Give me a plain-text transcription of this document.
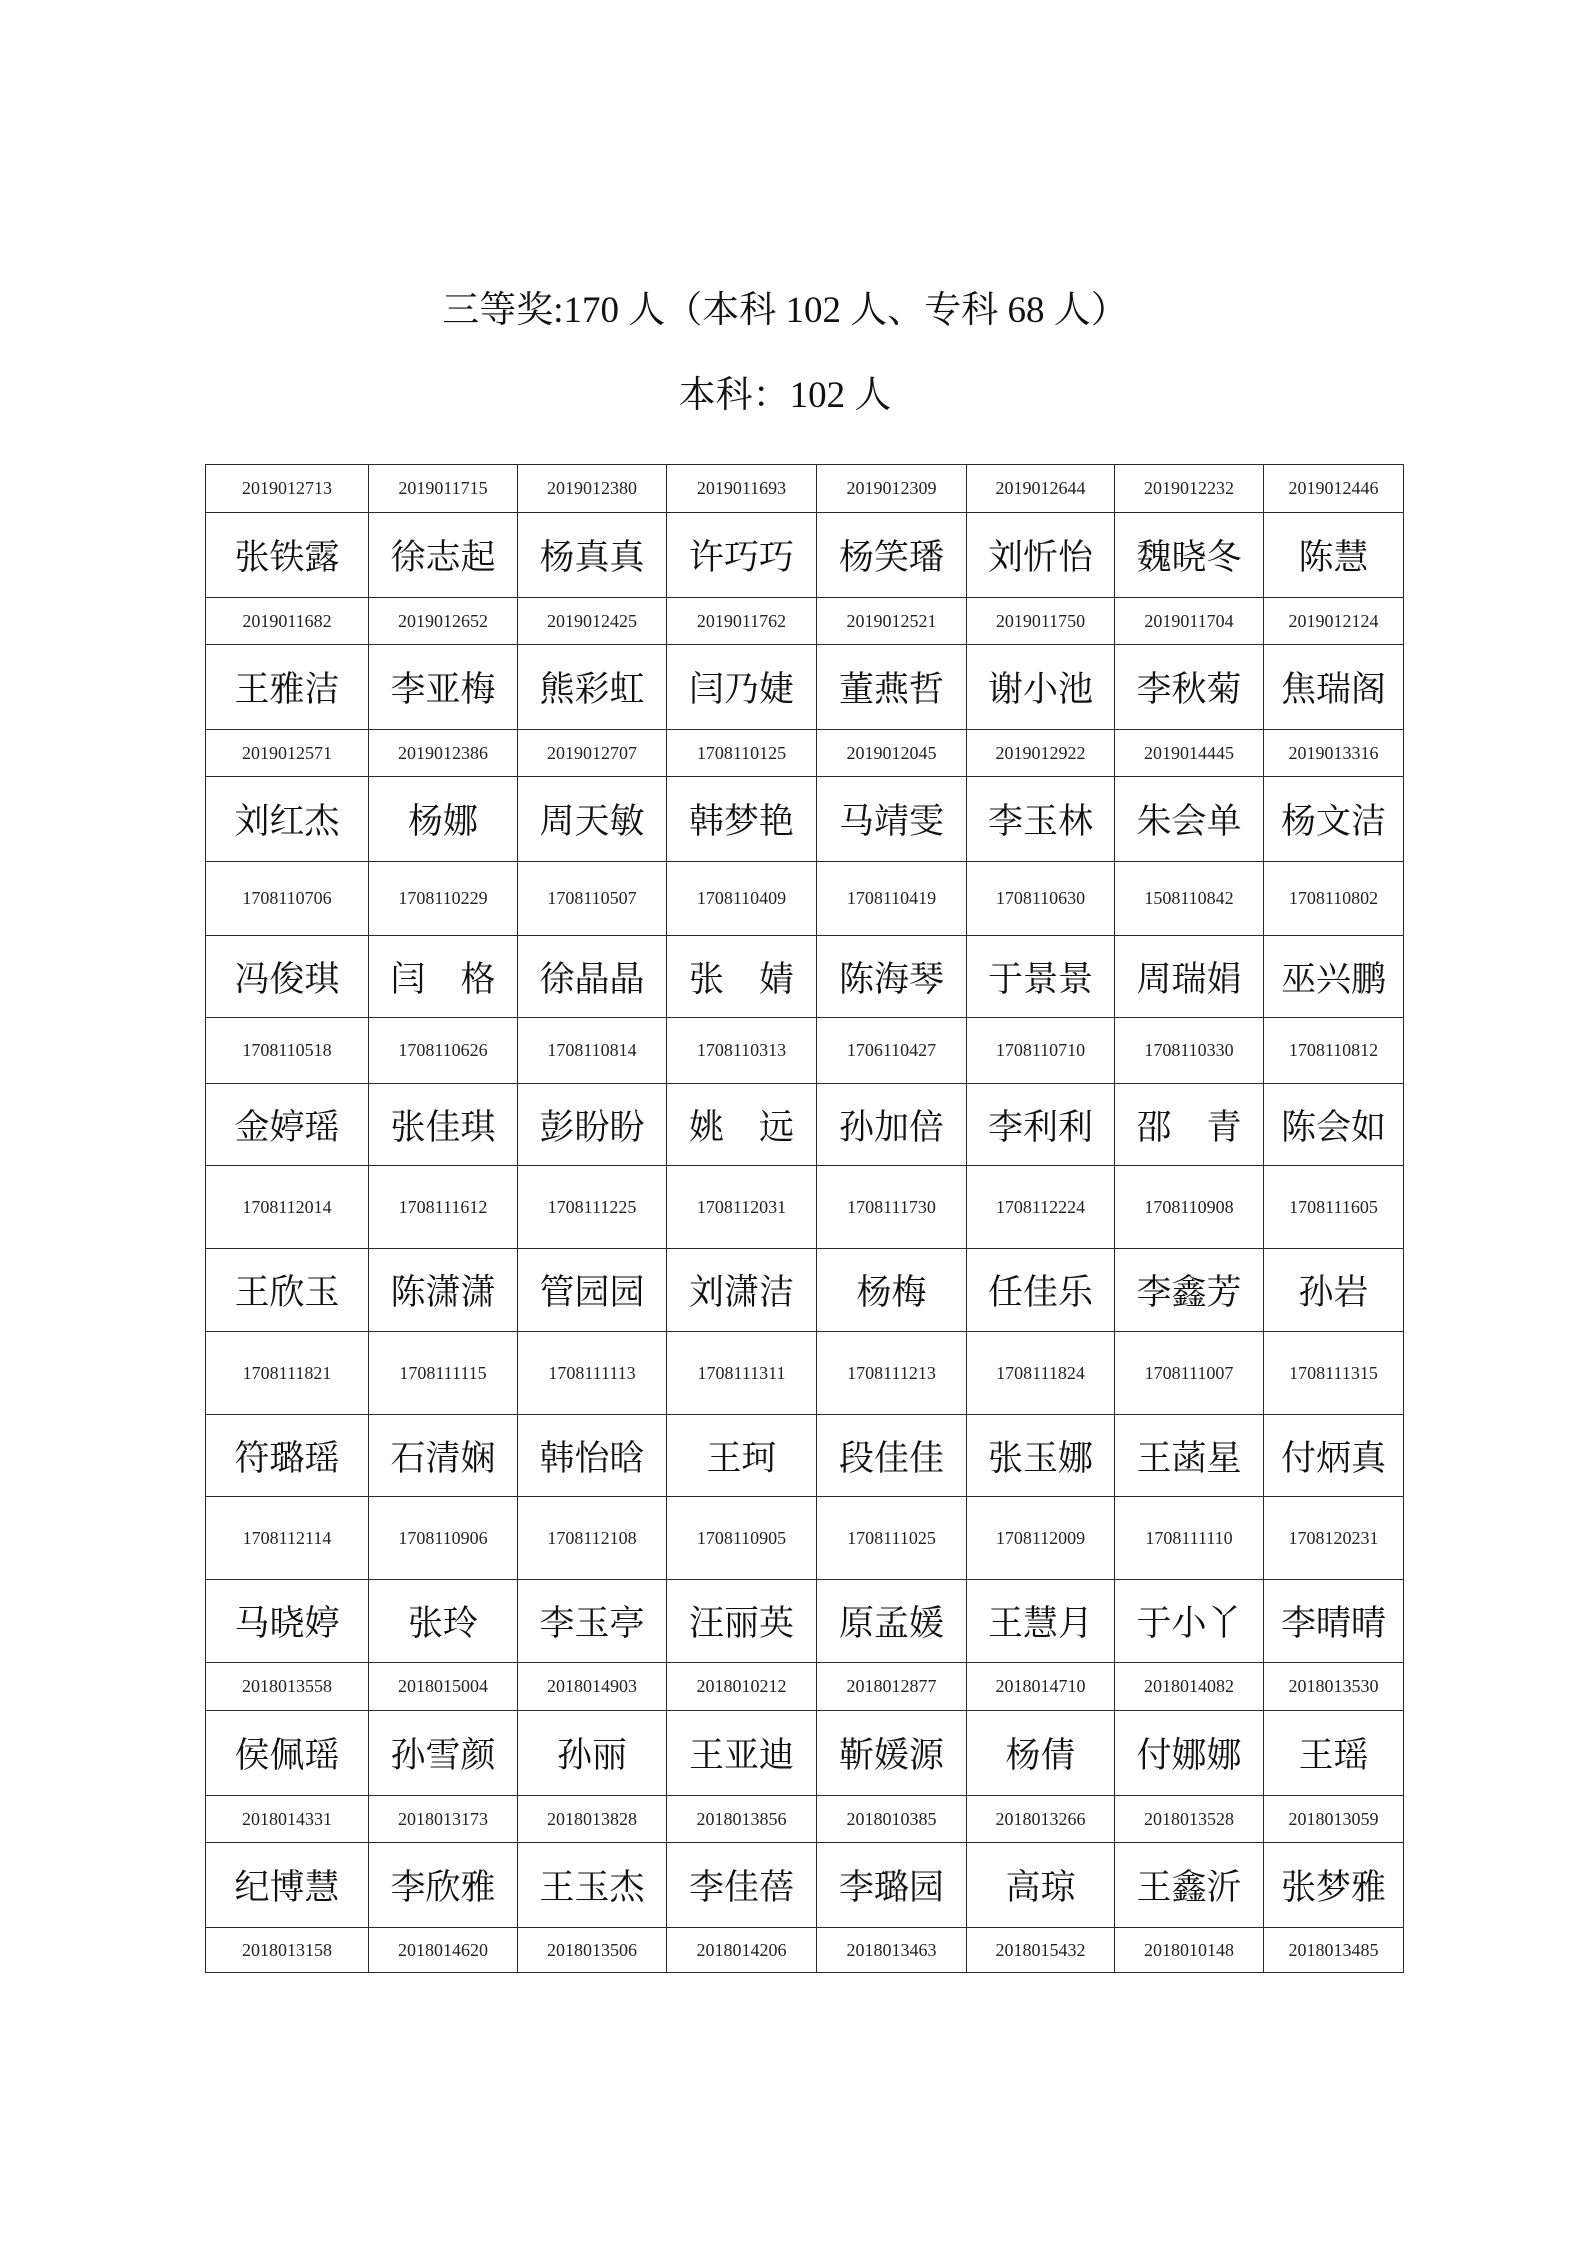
三等奖:170 人（本科 102 人、专科 68 人）
本科：102 人
2019012713	2019011715	2019012380	2019011693	2019012309	2019012644	2019012232	2019012446
张铁露	徐志起	杨真真	许巧巧	杨笑璠	刘忻怡	魏晓冬	陈慧
2019011682	2019012652	2019012425	2019011762	2019012521	2019011750	2019011704	2019012124
王雅洁	李亚梅	熊彩虹	闫乃婕	董燕哲	谢小池	李秋菊	焦瑞阁
2019012571	2019012386	2019012707	1708110125	2019012045	2019012922	2019014445	2019013316
刘红杰	杨娜	周天敏	韩梦艳	马靖雯	李玉林	朱会单	杨文洁
1708110706	1708110229	1708110507	1708110409	1708110419	1708110630	1508110842	1708110802
冯俊琪	闫　格	徐晶晶	张　婧	陈海琴	于景景	周瑞娟	巫兴鹏
1708110518	1708110626	1708110814	1708110313	1706110427	1708110710	1708110330	1708110812
金婷瑶	张佳琪	彭盼盼	姚　远	孙加倍	李利利	邵　青	陈会如
1708112014	1708111612	1708111225	1708112031	1708111730	1708112224	1708110908	1708111605
王欣玉	陈潇潇	管园园	刘潇洁	杨梅	任佳乐	李鑫芳	孙岩
1708111821	1708111115	1708111113	1708111311	1708111213	1708111824	1708111007	1708111315
符璐瑶	石清娴	韩怡晗	王珂	段佳佳	张玉娜	王菡星	付炳真
1708112114	1708110906	1708112108	1708110905	1708111025	1708112009	1708111110	1708120231
马晓婷	张玲	李玉亭	汪丽英	原孟媛	王慧月	于小丫	李晴晴
2018013558	2018015004	2018014903	2018010212	2018012877	2018014710	2018014082	2018013530
侯佩瑶	孙雪颜	孙丽	王亚迪	靳媛源	杨倩	付娜娜	王瑶
2018014331	2018013173	2018013828	2018013856	2018010385	2018013266	2018013528	2018013059
纪博慧	李欣雅	王玉杰	李佳蓓	李璐园	高琼	王鑫沂	张梦雅
2018013158	2018014620	2018013506	2018014206	2018013463	2018015432	2018010148	2018013485
